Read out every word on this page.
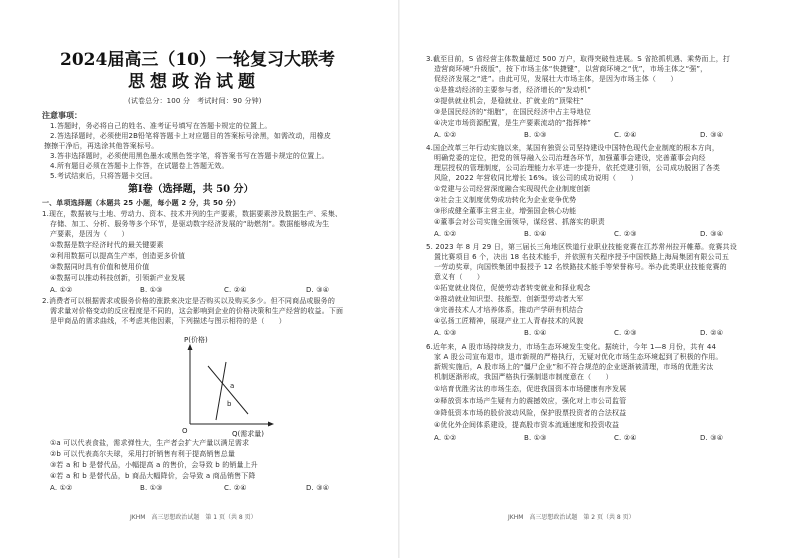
2024届高三（10）一轮复习大联考
思想政治试题
(试卷总分：100 分　考试时间：90 分钟)
注意事项：
1.答题时，务必将自己的姓名、准考证号填写在答题卡规定的位置上。
2.答选择题时，必须使用2B铅笔将答题卡上对应题目的答案标号涂黑，如需改动，用橡皮
擦擦干净后，再选涂其他答案标号。
3.答非选择题时，必须使用黑色墨水或黑色签字笔，将答案书写在答题卡规定的位置上。
4.所有题目必须在答题卡上作答，在试题卷上答题无效。
5.考试结束后，只将答题卡交回。
第Ⅰ卷（选择题，共 50 分）
一、单项选择题（本题共 25 小题，每小题 2 分，共 50 分）
1.现在，数据被与土地、劳动力、资本、技术并列的生产要素，数据要素涉及数据生产、采集、
存储、加工、分析、服务等多个环节，是驱动数字经济发展的“助燃剂”。数据能够成为生
产要素，是因为（　　）
①数据是数字经济时代的最关键要素
②利用数据可以提高生产率，创造更多价值
③数据同时具有价值和使用价值
④数据可以推动科技创新，引领新产业发展
A. ①②	B. ①③	C. ②④	D. ③④
2.消费者可以根据需求或服务价格的涨跌来决定是否购买以及购买多少。但不同商品或服务的
需求量对价格变动的反应程度是不同的，这会影响到企业的价格决策和生产经营的收益。下面
是甲商品的需求曲线，不考虑其他因素，下列描述与图示相符的是（　　）
P(价格)
Q(需求量)
O
a
b
①a 可以代表食盐，需求弹性大，生产者会扩大产量以满足需求
②b 可以代表高尔夫球，采用打折销售有利于提高销售总量
③若 a 和 b 是替代品，小幅提高 a 的售价，会导致 b 的销量上升
④若 a 和 b 是替代品，b 商品大幅降价，会导致 a 商品销售下降
A. ①②	B. ①③	C. ②④	D. ③④
JKHM　高三思想政治试题　第 1 页（共 8 页）
3.截至目前，S 省经营主体数量超过 500 万户，取得突破性进展。S 省抢抓机遇、乘势而上，打
造营商环境“升级版”，按下市场主体“快捷键”，以营商环境之“优”，市场主体之“强”，
促经济发展之“进”。由此可见，发展壮大市场主体，是因为市场主体（　　）
①是推动经济的主要参与者，经济增长的“发动机”
②提供就业机会，是稳就业、扩就业的“顶梁柱”
③是国民经济的“细胞”，在国民经济中占主导地位
④决定市场资源配置，是生产要素流动的“指挥棒”
A. ①②	B. ①③	C. ②④	D. ③④
4.国企改革三年行动实施以来，某国有独资公司坚持建设中国特色现代企业制度的根本方向，
明确党委的定位，把党的领导融入公司治理各环节，加强董事会建设，完善董事会向经
理层授权的管理制度，公司治理能力水平进一步提升，依托党建引领，公司成功脱困了各类
风险，2022 年营收同比增长 16%。该公司的成功说明（　　）
①党建与公司经营深度融合实现现代企业制度创新
②社会主义制度优势成功转化为企业竞争优势
③形成健全董事主营主业，增强国企核心功能
④董事会对公司实施全面领导，谋经营、抓落实的职责
A. ①②	B. ①④	C. ②③	D. ③④
5. 2023 年 8 月 29 日，第三届长三角地区铁道行业职业技能竞赛在江苏常州拉开帷幕。竞赛共设
置比赛项目 6 个，决出 18 名技术能手，并依照有关程序授予中国铁路上海局集团有限公司五
一劳动奖章，向国铁集团申报授予 12 名铁路技术能手等荣誉称号。举办此类职业技能竞赛的
意义有（　　）
①拓宽就业岗位，促使劳动者转变就业和择业观念
②推动就业知识型、技能型、创新型劳动者大军
③完善技术人才培养体系，推动产学研有机结合
④弘扬工匠精神，展现产业工人青春技术的风貌
A. ①③	B. ①④	C. ②③	D. ②④
6.近年来，A 股市场持续发力，市场生态环境发生变化。据统计，今年 1—8 月份，共有 44
家 A 股公司宣布退市，退市新规的严格执行，无疑对优化市场生态环境起到了积极的作用。
新规实施后，A 股市场上的“僵尸企业”和不符合规范的企业逐渐被清理，市场的优胜劣汰
机制逐渐形成，我国严格执行强制退市制度意在（　　）
①培育优胜劣汰的市场生态，促进我国资本市场健康有序发展
②释放资本市场产生疑有力的震撼效应，强化对上市公司监管
③降低资本市场的股价波动风险，保护股票投资者的合法权益
④优化外企间体系建设，提高股市资本流通速度和投资收益
A. ①②	B. ①③	C. ②④	D. ③④
JKHM　高三思想政治试题　第 2 页（共 8 页）
